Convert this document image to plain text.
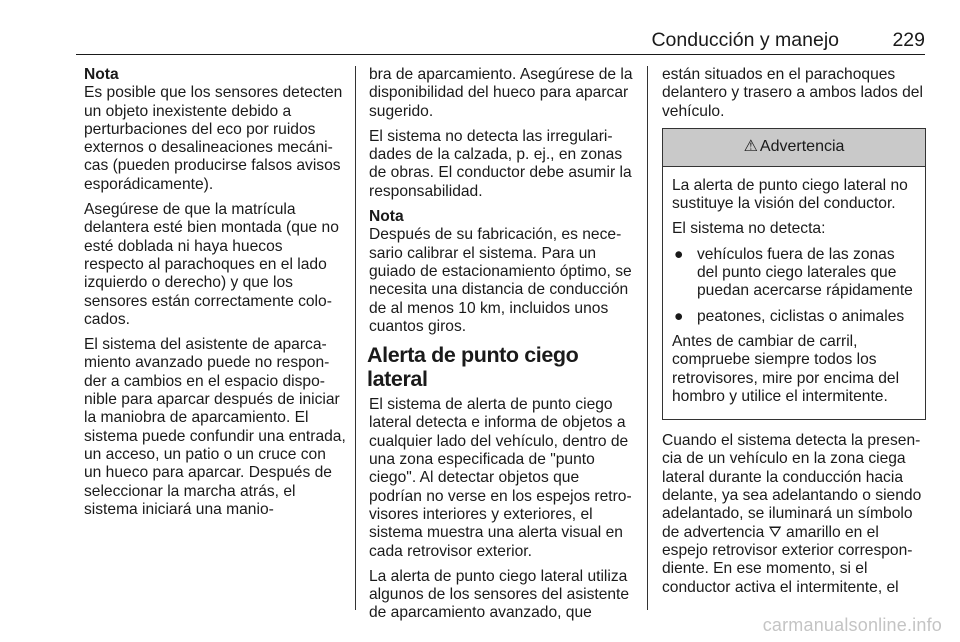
Conducción y manejo	229

Nota
Es posible que los sensores detecten un objeto inexistente debido a perturbaciones del eco por ruidos externos o desalineaciones mecánicas (pueden producirse falsos avisos esporádicamente).

Asegúrese de que la matrícula delantera esté bien montada (que no esté doblada ni haya huecos respecto al parachoques en el lado izquierdo o derecho) y que los sensores están correctamente colocados.

El sistema del asistente de aparcamiento avanzado puede no responder a cambios en el espacio disponible para aparcar después de iniciar la maniobra de aparcamiento. El sistema puede confundir una entrada, un acceso, un patio o un cruce con un hueco para aparcar. Después de seleccionar la marcha atrás, el sistema iniciará una manio-

bra de aparcamiento. Asegúrese de la disponibilidad del hueco para aparcar sugerido.

El sistema no detecta las irregularidades de la calzada, p. ej., en zonas de obras. El conductor debe asumir la responsabilidad.

Nota
Después de su fabricación, es necesario calibrar el sistema. Para un guiado de estacionamiento óptimo, se necesita una distancia de conducción de al menos 10 km, incluidos unos cuantos giros.

Alerta de punto ciego lateral

El sistema de alerta de punto ciego lateral detecta e informa de objetos a cualquier lado del vehículo, dentro de una zona especificada de "punto ciego". Al detectar objetos que podrían no verse en los espejos retrovisores interiores y exteriores, el sistema muestra una alerta visual en cada retrovisor exterior.

La alerta de punto ciego lateral utiliza algunos de los sensores del asistente de aparcamiento avanzado, que

están situados en el parachoques delantero y trasero a ambos lados del vehículo.

⚠ Advertencia

La alerta de punto ciego lateral no sustituye la visión del conductor.

El sistema no detecta:

● vehículos fuera de las zonas del punto ciego laterales que puedan acercarse rápidamente
● peatones, ciclistas o animales

Antes de cambiar de carril, compruebe siempre todos los retrovisores, mire por encima del hombro y utilice el intermitente.

Cuando el sistema detecta la presencia de un vehículo en la zona ciega lateral durante la conducción hacia delante, ya sea adelantando o siendo adelantado, se iluminará un símbolo de advertencia ⛛ amarillo en el espejo retrovisor exterior correspondiente. En ese momento, si el conductor activa el intermitente, el

carmanualsonline.info
